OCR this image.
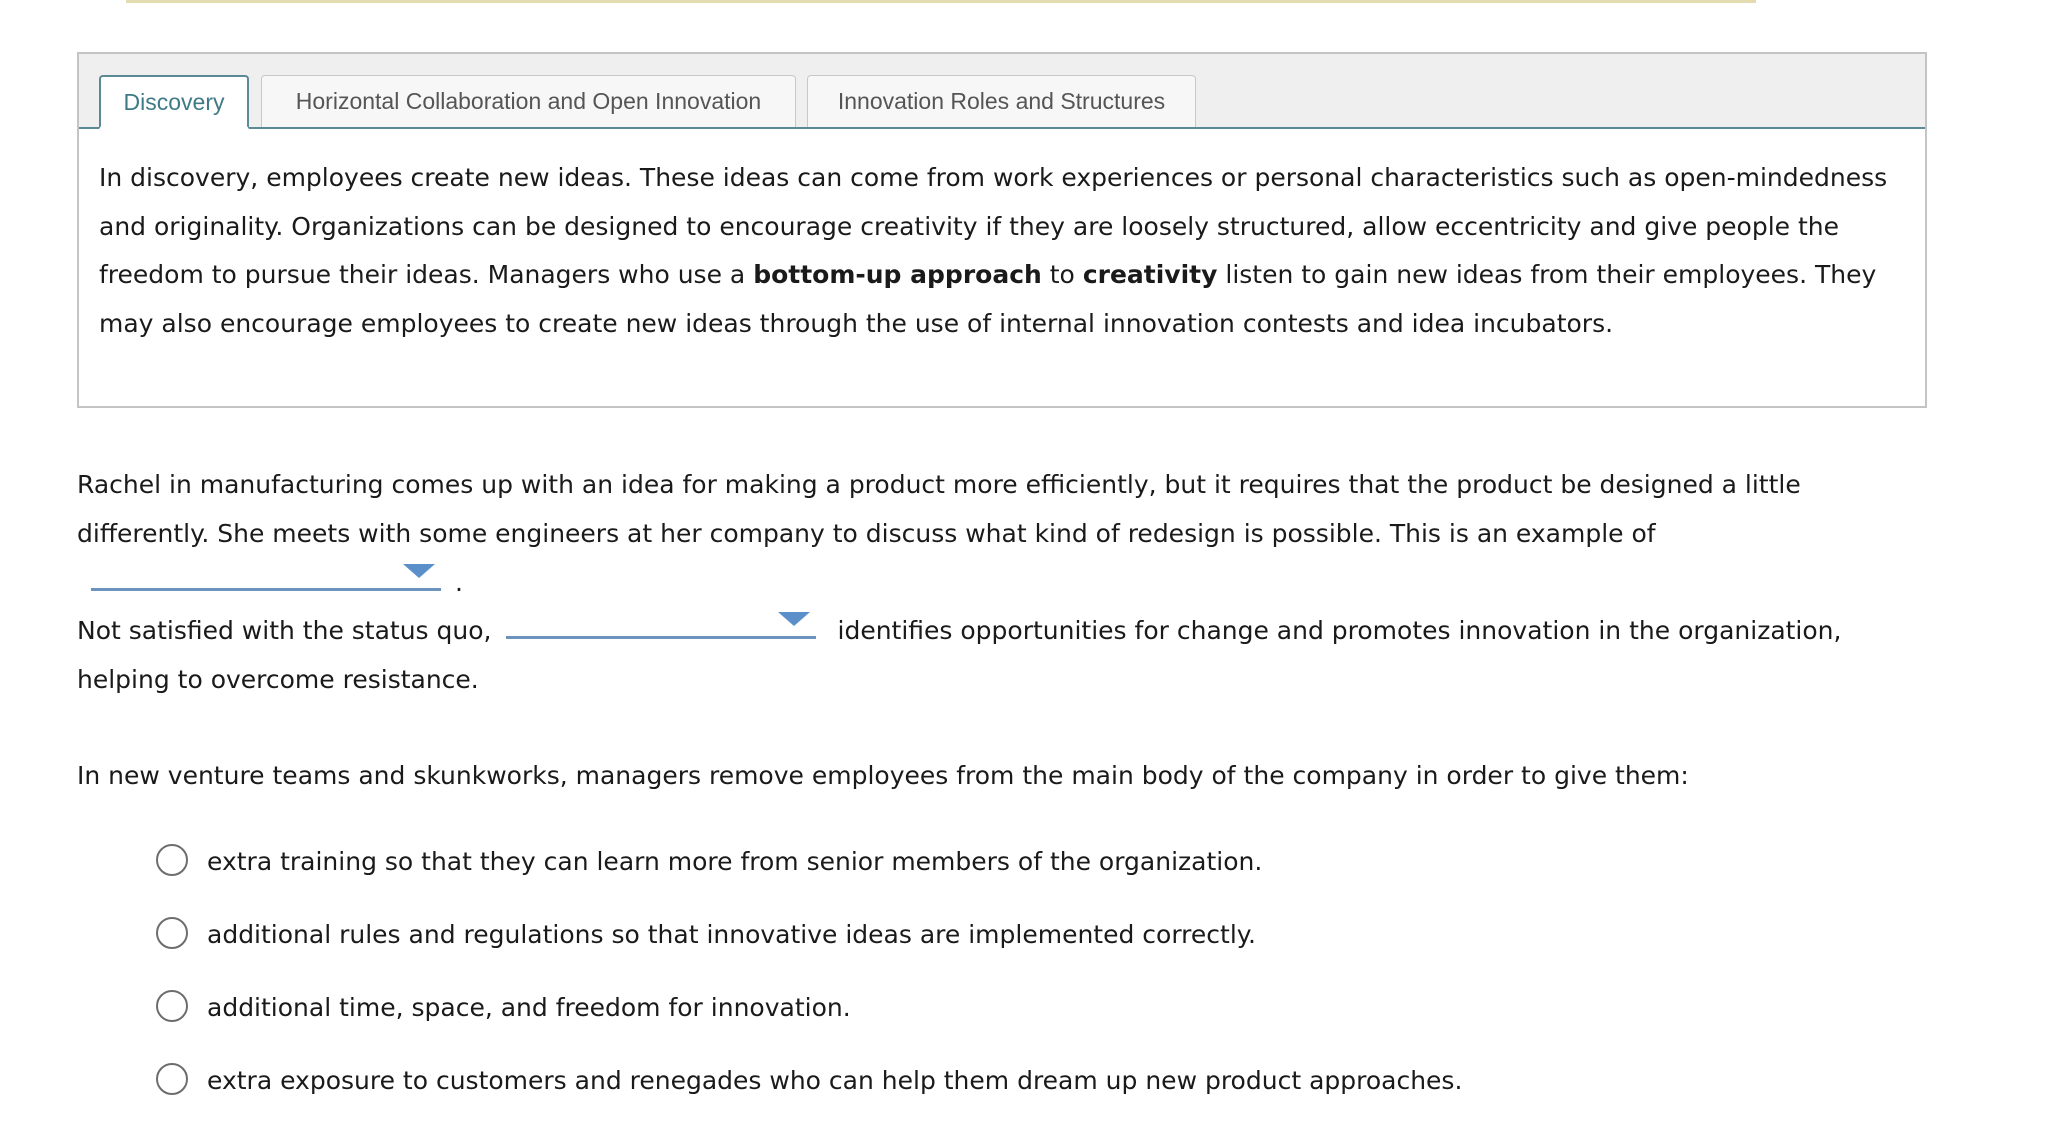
Discovery	Horizontal Collaboration and Open Innovation	Innovation Roles and Structures
In discovery, employees create new ideas. These ideas can come from work experiences or personal characteristics such as open-mindedness and originality. Organizations can be designed to encourage creativity if they are loosely structured, allow eccentricity and give people the freedom to pursue their ideas. Managers who use a bottom-up approach to creativity listen to gain new ideas from their employees. They may also encourage employees to create new ideas through the use of internal innovation contests and idea incubators.
Rachel in manufacturing comes up with an idea for making a product more efficiently, but it requires that the product be designed a little differently. She meets with some engineers at her company to discuss what kind of redesign is possible. This is an example of
.
Not satisfied with the status quo,	identifies opportunities for change and promotes innovation in the organization, helping to overcome resistance.
In new venture teams and skunkworks, managers remove employees from the main body of the company in order to give them:
extra training so that they can learn more from senior members of the organization.
additional rules and regulations so that innovative ideas are implemented correctly.
additional time, space, and freedom for innovation.
extra exposure to customers and renegades who can help them dream up new product approaches.
